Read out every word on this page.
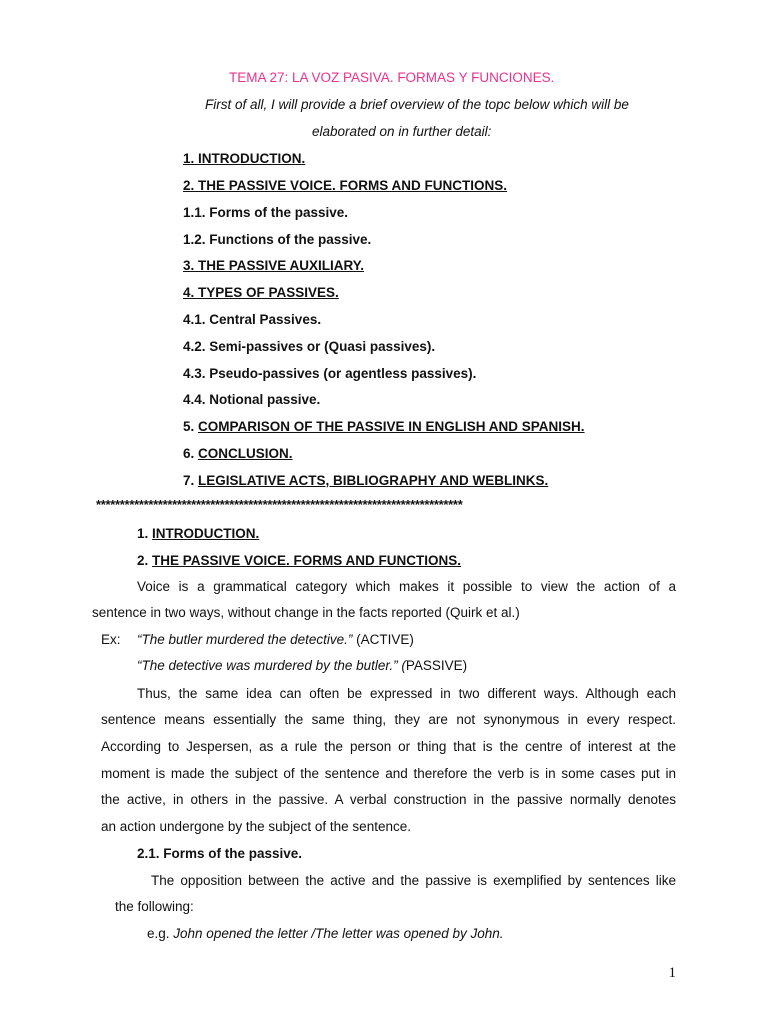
TEMA 27: LA VOZ PASIVA. FORMAS Y FUNCIONES.
First of all, I will provide a brief overview of the topc below which will be
elaborated on in further detail:
1. INTRODUCTION.
2. THE PASSIVE VOICE. FORMS AND FUNCTIONS.
1.1. Forms of the passive.
1.2. Functions of the passive.
3. THE PASSIVE AUXILIARY.
4. TYPES OF PASSIVES.
4.1. Central Passives.
4.2. Semi-passives or (Quasi passives).
4.3. Pseudo-passives (or agentless passives).
4.4. Notional passive.
5. COMPARISON OF THE PASSIVE IN ENGLISH AND SPANISH.
6. CONCLUSION.
7. LEGISLATIVE ACTS, BIBLIOGRAPHY AND WEBLINKS.
*****************************************************************************
1. INTRODUCTION.
2. THE PASSIVE VOICE. FORMS AND FUNCTIONS.
Voice is a grammatical category which makes it possible to view the action of a
sentence in two ways, without change in the facts reported (Quirk et al.)
Ex: “The butler murdered the detective.” (ACTIVE)
“The detective was murdered by the butler.” (PASSIVE)
Thus, the same idea can often be expressed in two different ways. Although each
sentence means essentially the same thing, they are not synonymous in every respect.
According to Jespersen, as a rule the person or thing that is the centre of interest at the
moment is made the subject of the sentence and therefore the verb is in some cases put in
the active, in others in the passive. A verbal construction in the passive normally denotes
an action undergone by the subject of the sentence.
2.1. Forms of the passive.
The opposition between the active and the passive is exemplified by sentences like
the following:
e.g. John opened the letter /The letter was opened by John.
1
